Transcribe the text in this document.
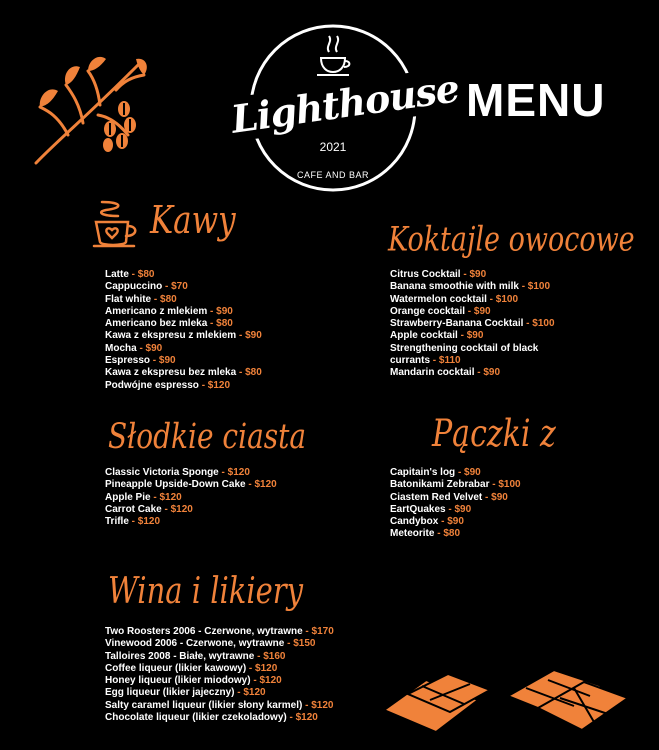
Lighthouse
2021
CAFE AND BAR
MENU
Kawy
Latte - $80
Cappuccino - $70
Flat white - $80
Americano z mlekiem - $90
Americano bez mleka - $80
Kawa z ekspresu z mlekiem - $90
Mocha - $90
Espresso - $90
Kawa z ekspresu bez mleka - $80
Podwójne espresso - $120
Koktajle owocowe
Citrus Cocktail - $90
Banana smoothie with milk - $100
Watermelon cocktail - $100
Orange cocktail - $90
Strawberry-Banana Cocktail - $100
Apple cocktail - $90
Strengthening cocktail of black currants - $110
Mandarin cocktail - $90
Słodkie ciasta
Classic Victoria Sponge - $120
Pineapple Upside-Down Cake - $120
Apple Pie - $120
Carrot Cake - $120
Trifle - $120
Pączki z
Capitain's log - $90
Batonikami Zebrabar - $100
Ciastem Red Velvet - $90
EartQuakes - $90
Candybox - $90
Meteorite - $80
Wina i likiery
Two Roosters 2006 - Czerwone, wytrawne - $170
Vinewood 2006 - Czerwone, wytrawne - $150
Talloires 2008 - Białe, wytrawne - $160
Coffee liqueur (likier kawowy) - $120
Honey liqueur (likier miodowy) - $120
Egg liqueur (likier jajeczny) - $120
Salty caramel liqueur (likier słony karmel) - $120
Chocolate liqueur (likier czekoladowy) - $120
